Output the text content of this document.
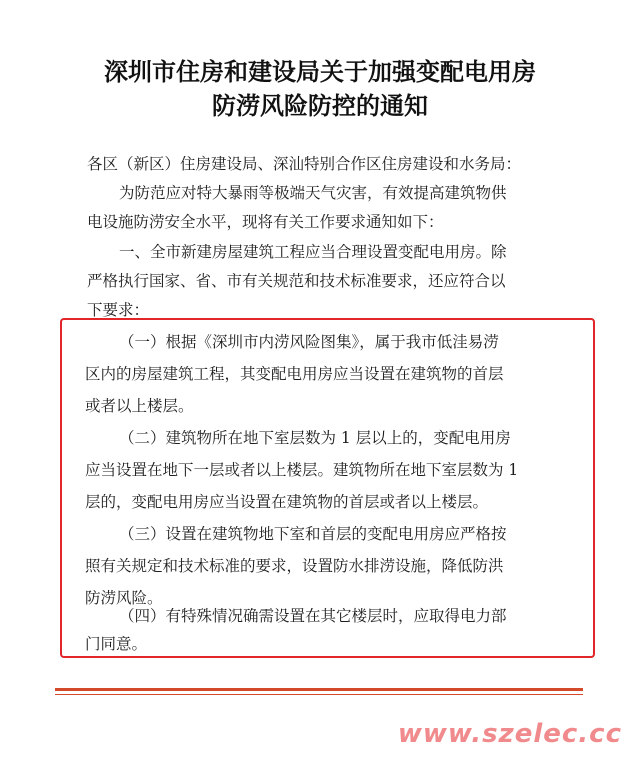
深圳市住房和建设局关于加强变配电用房
防涝风险防控的通知
各区（新区）住房建设局、深汕特别合作区住房建设和水务局：
为防范应对特大暴雨等极端天气灾害，有效提高建筑物供
电设施防涝安全水平，现将有关工作要求通知如下：
一、全市新建房屋建筑工程应当合理设置变配电用房。除
严格执行国家、省、市有关规范和技术标准要求，还应符合以
下要求：
（一）根据《深圳市内涝风险图集》，属于我市低洼易涝
区内的房屋建筑工程，其变配电用房应当设置在建筑物的首层
或者以上楼层。
（二）建筑物所在地下室层数为 1 层以上的，变配电用房
应当设置在地下一层或者以上楼层。建筑物所在地下室层数为 1
层的，变配电用房应当设置在建筑物的首层或者以上楼层。
（三）设置在建筑物地下室和首层的变配电用房应严格按
照有关规定和技术标准的要求，设置防水排涝设施，降低防洪
防涝风险。
（四）有特殊情况确需设置在其它楼层时，应取得电力部
门同意。
www.szelec.cc
